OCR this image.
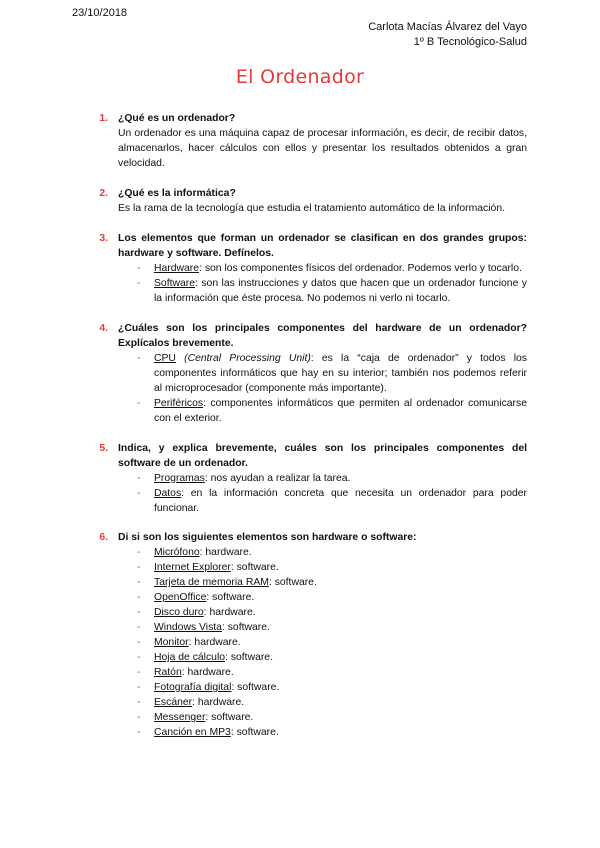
23/10/2018
Carlota Macías Álvarez del Vayo
1º B Tecnológico-Salud
El Ordenador
1. ¿Qué es un ordenador?
Un ordenador es una máquina capaz de procesar información, es decir, de recibir datos, almacenarlos, hacer cálculos con ellos y presentar los resultados obtenidos a gran velocidad.
2. ¿Qué es la informática?
Es la rama de la tecnología que estudia el tratamiento automático de la información.
3. Los elementos que forman un ordenador se clasifican en dos grandes grupos: hardware y software. Defínelos.
- Hardware: son los componentes físicos del ordenador. Podemos verlo y tocarlo.
- Software: son las instrucciones y datos que hacen que un ordenador funcione y la información que éste procesa. No podemos ni verlo ni tocarlo.
4. ¿Cuáles son los principales componentes del hardware de un ordenador? Explícalos brevemente.
- CPU (Central Processing Unit): es la “caja de ordenador” y todos los componentes informáticos que hay en su interior; también nos podemos referir al microprocesador (componente más importante).
- Periféricos: componentes informáticos que permiten al ordenador comunicarse con el exterior.
5. Indica, y explica brevemente, cuáles son los principales componentes del software de un ordenador.
- Programas: nos ayudan a realizar la tarea.
- Datos: en la información concreta que necesita un ordenador para poder funcionar.
6. Di si son los siguientes elementos son hardware o software:
- Micrófono: hardware.
- Internet Explorer: software.
- Tarjeta de memoria RAM: software.
- OpenOffice: software.
- Disco duro: hardware.
- Windows Vista: software.
- Monitor: hardware.
- Hoja de cálculo: software.
- Ratón: hardware.
- Fotografía digital: software.
- Escáner: hardware.
- Messenger: software.
- Canción en MP3: software.
